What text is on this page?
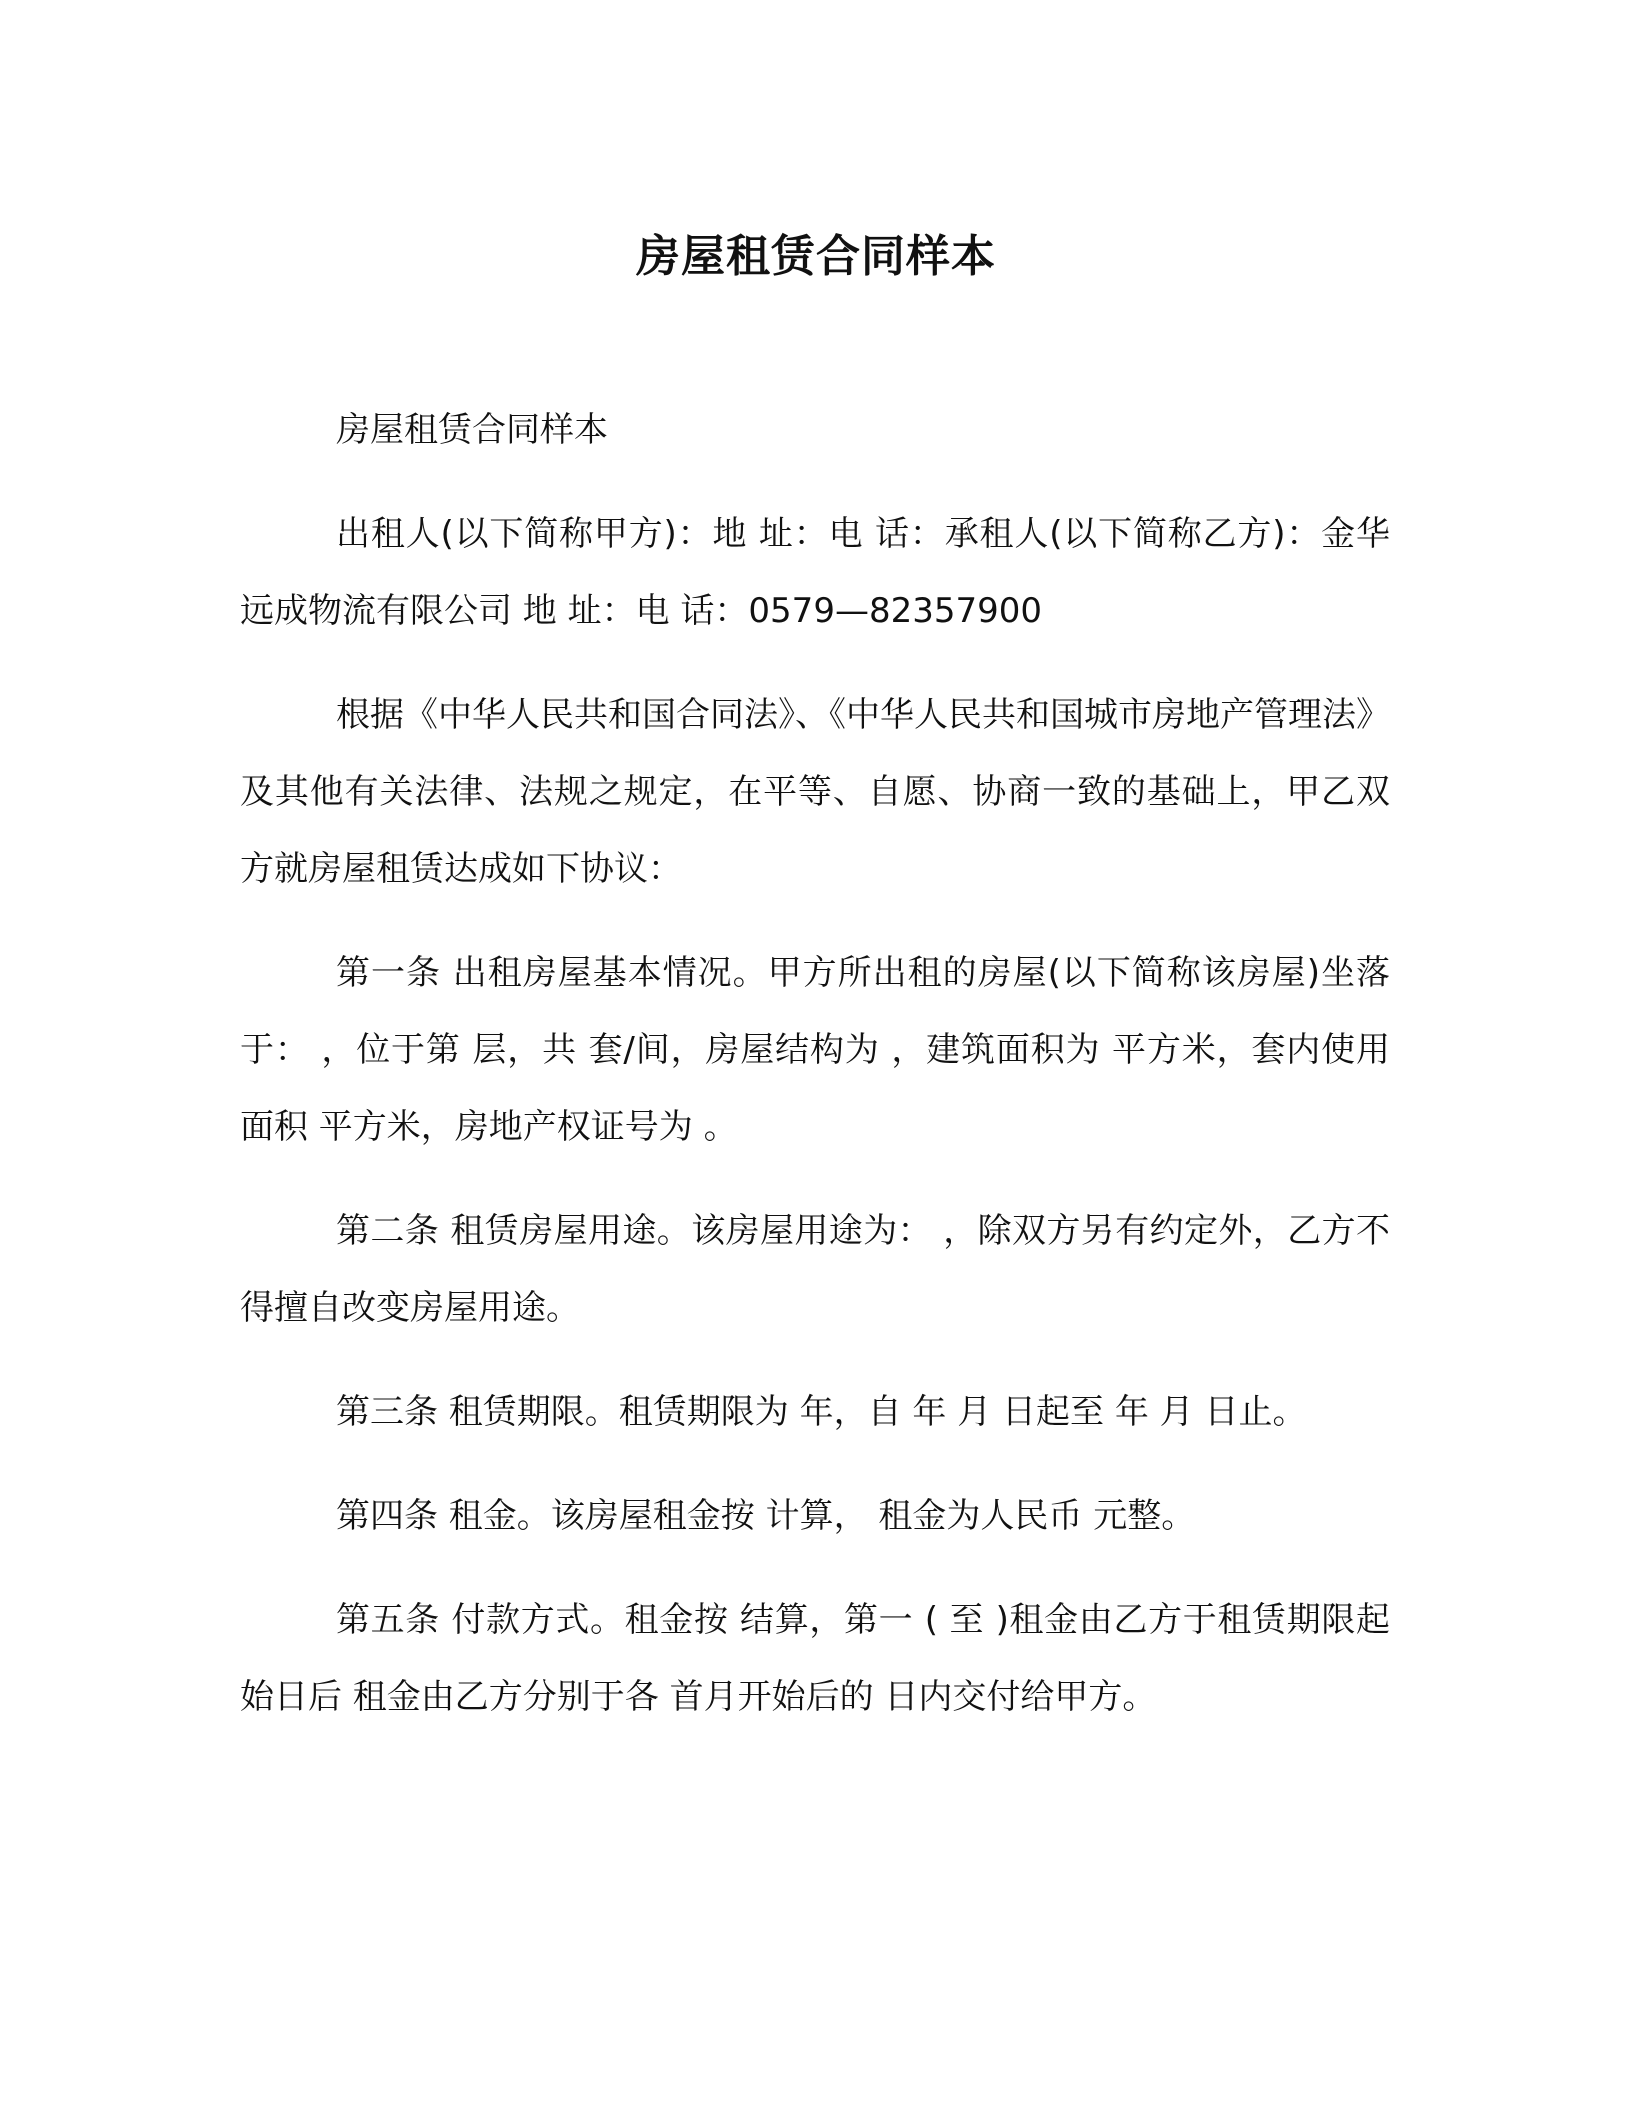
房屋租赁合同样本

房屋租赁合同样本

出租人(以下简称甲方)：地 址：电 话：承租人(以下简称乙方)：金华远成物流有限公司 地 址：电 话：0579—82357900

根据《中华人民共和国合同法》、《中华人民共和国城市房地产管理法》及其他有关法律、法规之规定，在平等、自愿、协商一致的基础上，甲乙双方就房屋租赁达成如下协议：

第一条 出租房屋基本情况。甲方所出租的房屋(以下简称该房屋)坐落于： ，位于第 层，共 套/间，房屋结构为 ，建筑面积为 平方米，套内使用面积 平方米，房地产权证号为 。

第二条 租赁房屋用途。该房屋用途为： ，除双方另有约定外，乙方不得擅自改变房屋用途。

第三条 租赁期限。租赁期限为 年，自 年 月 日起至 年 月 日止。

第四条 租金。该房屋租金按 计算， 租金为人民币 元整。

第五条 付款方式。租金按 结算，第一 ( 至 )租金由乙方于租赁期限起始日后 租金由乙方分别于各 首月开始后的 日内交付给甲方。
